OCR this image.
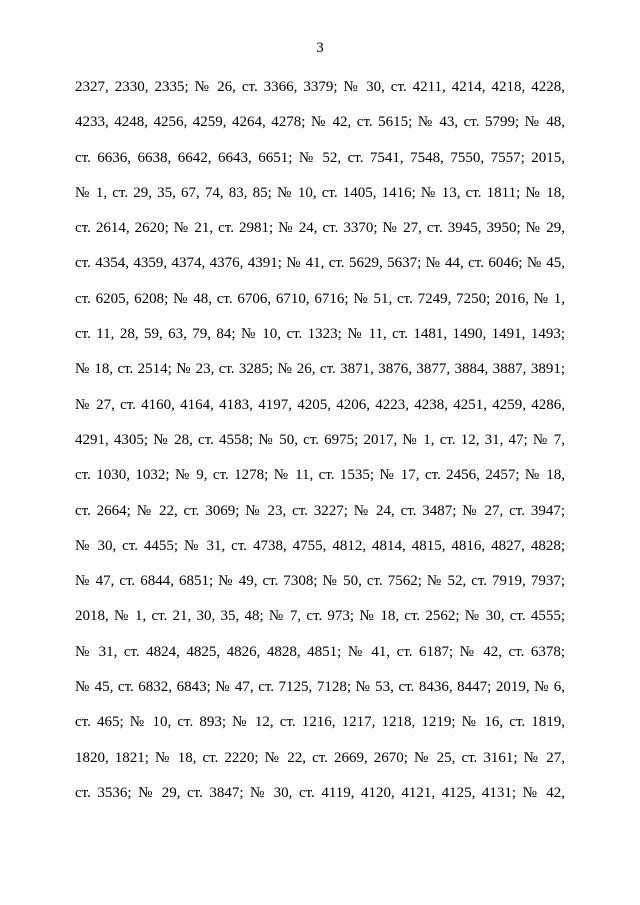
3
2327, 2330, 2335; № 26, ст. 3366, 3379; № 30, ст. 4211, 4214, 4218, 4228,
4233, 4248, 4256, 4259, 4264, 4278; № 42, ст. 5615; № 43, ст. 5799; № 48,
ст. 6636, 6638, 6642, 6643, 6651; № 52, ст. 7541, 7548, 7550, 7557; 2015,
№ 1, ст. 29, 35, 67, 74, 83, 85; № 10, ст. 1405, 1416; № 13, ст. 1811; № 18,
ст. 2614, 2620; № 21, ст. 2981; № 24, ст. 3370; № 27, ст. 3945, 3950; № 29,
ст. 4354, 4359, 4374, 4376, 4391; № 41, ст. 5629, 5637; № 44, ст. 6046; № 45,
ст. 6205, 6208; № 48, ст. 6706, 6710, 6716; № 51, ст. 7249, 7250; 2016, № 1,
ст. 11, 28, 59, 63, 79, 84; № 10, ст. 1323; № 11, ст. 1481, 1490, 1491, 1493;
№ 18, ст. 2514; № 23, ст. 3285; № 26, ст. 3871, 3876, 3877, 3884, 3887, 3891;
№ 27, ст. 4160, 4164, 4183, 4197, 4205, 4206, 4223, 4238, 4251, 4259, 4286,
4291, 4305; № 28, ст. 4558; № 50, ст. 6975; 2017, № 1, ст. 12, 31, 47; № 7,
ст. 1030, 1032; № 9, ст. 1278; № 11, ст. 1535; № 17, ст. 2456, 2457; № 18,
ст. 2664; № 22, ст. 3069; № 23, ст. 3227; № 24, ст. 3487; № 27, ст. 3947;
№ 30, ст. 4455; № 31, ст. 4738, 4755, 4812, 4814, 4815, 4816, 4827, 4828;
№ 47, ст. 6844, 6851; № 49, ст. 7308; № 50, ст. 7562; № 52, ст. 7919, 7937;
2018, № 1, ст. 21, 30, 35, 48; № 7, ст. 973; № 18, ст. 2562; № 30, ст. 4555;
№ 31, ст. 4824, 4825, 4826, 4828, 4851; № 41, ст. 6187; № 42, ст. 6378;
№ 45, ст. 6832, 6843; № 47, ст. 7125, 7128; № 53, ст. 8436, 8447; 2019, № 6,
ст. 465; № 10, ст. 893; № 12, ст. 1216, 1217, 1218, 1219; № 16, ст. 1819,
1820, 1821; № 18, ст. 2220; № 22, ст. 2669, 2670; № 25, ст. 3161; № 27,
ст. 3536; № 29, ст. 3847; № 30, ст. 4119, 4120, 4121, 4125, 4131; № 42,
